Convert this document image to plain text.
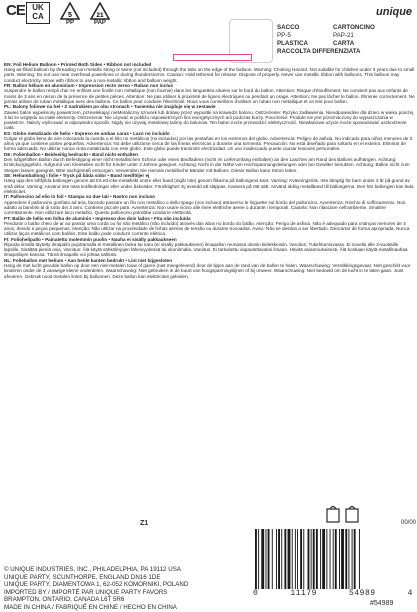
CE UK
CA	5
PP
21
PAP
unique
SACCO	CARTONCINO
PP-5	PAP-21
PLASTICA	CARTA
RACCOLTA DIFFERENZIATA

EN: Foil Helium Balloon • Printed Both Sides • Ribbon not included
Hang air-filled balloon by threading non-metallic string or twine (not included) through the tabs on the edge of the balloon. Warning: Choking Hazard. Not suitable for children under 3 years due to small parts. Warning: Do not use near overhead powerlines or during thunderstorms. Caution: Hold tethered for release. Dispose of properly. Never use metallic ribbon with balloons. This balloon may conduct electricity. Move with ribbon to use a non-metallic ribbon and balloon weight.

FR: Ballon hélium en aluminium • Impression recto verso • Ruban non inclus
Suspendre le ballon rempli d'air en enfilant une ficelle non métallique (non fournie) dans les languettes situées sur le bord du ballon. Attention: Risque d'étouffement. Ne convient pas aux enfants de moins de 3 ans en raison de la présence de petites pièces. Attention: Ne pas utiliser à proximité de lignes électriques ou pendant un orage. Attention: Ne pas lâcher le ballon. Éliminer correctement. Ne jamais utiliser de ruban métallique avec des ballons. Ce ballon peut conduire l'électricité. Nous vous conseillons d'utiliser un ruban non métallique et un lest pour ballon.

PL: Balony foliowe na hel • Z nadrukiem po obu stronach • Tasiemka nie znajduje się w zestawie
Zawieś balon wypełniony powietrzem, przewlekając nieMetaliczny sznurek lub dratwę przez wypustki na krawędzi balonu. Ostrzeżenie: Ryzyko zadławienia. Nieodpowiednie dla dzieci w wieku poniżej 3 lat ze względu na małe elementy. Ostrzeżenie: Nie używać w pobliżu napowietrznych linii energetycznych ani podczas burzy. Pouczenie: Produkt nie jest przeznaczony do wypuszczania w powietrze. Należy utylizować w odpowiedni sposób. Nigdy nie używaj metalowej taśmy do balonów. Ten balon może przewodzić elektryczność. Niewłaściwe użycie może spowodować uszkodzenie ciała.

ES: Globo metalizado de helio • Impreso en ambas caras • Lazo no incluido
Colgar el globo lleno de aire colocando la cuerda o el hilo no metálicos (no incluidos) por las pestañas en los extremos del globo. Advertencia: Peligro de asfixia. No indicado para niños menores de 3 años ya que contiene partes pequeñas. Advertencia: No debe utilizarse cerca de las líneas eléctricas o durante una tormenta. Precaución: No está diseñado para soltarlo en el exterior. Eliminar de forma adecuada. No utilizar nunca cinta metalizada con este globo. Este globo puede transmitir electricidad. Un uso inadecuado puede causar lesiones personales.

DE: Folienballon • Beidseitig bedruckt • Band nicht enthalten
Den luftgefüllten Ballon durch Befestigung einer nicht metallischen Schnur oder eines Bindfadens (nicht im Lieferumfang enthalten) an den Laschen am Rand des Ballons aufhängen. Achtung: Erstickungsgefahr. Aufgrund von Kleinteilen nicht für Kinder unter 3 Jahren geeignet. Achtung: Nicht in der Nähe von Hochspannungsleitungen oder bei Gewitter benutzen. Achtung: Ballon nicht zum Steigen lassen geeignet. Bitte sachgemäß entsorgen. Verwenden Sie niemals metallische Bänder mit Ballons. Dieser Ballon kann Strom leiten.

SE: Heliumballong i folie • Tryck på båda sidor • Band medföljer ej
Häng upp den luftfyllda ballongen genom att trä ett icke-metalliskt snöre eller band (ingår inte) genom flikarna på ballongens kant. Varning: Kvävningsrisk. Inte lämplig för barn under 3 år på grund av små delar. Varning: Använd inte nära kraftledningar eller under åskväder. Försiktighet: Ej avsedd att släppas. Kassera på rätt sätt. Använd aldrig metallband till ballongerna. Den här ballongen kan leda elektricitet.

IT: Palloncino ad elio in foil • Stampa su due lati • Nastro non incluso
Appendere il palloncino gonfiato ad aria, facendo passare un filo non metallico o dello spago (non incluso) attraverso le linguette sul bordo del palloncino. Avvertenza: Rischio di soffocamento. Non adatto ai bambini al di sotto dei 3 anni. Contiene piccole parti. Avvertenza: Non usare vicino alle linee elettriche aeree o durante i temporali. Cautela: Non rilasciare nell'ambiente. Smaltire correttamente. Non utilizzare lacci metallici. Questo palloncino potrebbe condurre elettricità.

PT: Balão de hélio em folha de alumínio • Impresso dos dois lados • Fita não incluída
Pendurar o balão cheio de ar ao passar uma corda ou fio não metálico (não incluído) através das abas no bordo do balão. Atenção: Perigo de asfixia. Não é adequado para crianças menores de 3 anos, devido a peças pequenas. Atenção: Não utilizar na proximidade de linhas aéreas de tensão ou durante trovoadas. Aviso: Não se destina a ser libertado. Descartar de forma apropriada. Nunca utilizar laços metálicos com balões. Este balão pode conduzir corrente elétrica.

FI: Foliohelipallo • Painatettu molemmin puolin • Nauha ei sisälly pakkaukseen
Ripusta ilmalla täytetty ilmapallo pujottamalla ei-metallinen lanka tai naru (ei sisälly pakkaukseen) ilmapallon reunassa oleviin kielekkeisiin. Varoitus: Tukehtumisvaara. Ei sovellu alle 3-vuotiaille lapsille. Sisältää pieniä osia. Varoitus: Älä käytä sähkölinjojen läheisyydessä tai ukonilmalla. Varoitus: Ei tarkoitettu vapautettavaksi ilmaan. Hävitä asianmukaisesti. Älä koskaan käytä metallinauhaa ilmapallojen kanssa. Tämä ilmapallo voi johtaa sähköä.

NL: Folieballon met helium • Aan beide kanten bedrukt • Lint niet bijgesloten
Hang de met lucht gevulde ballon op door een niet-metalen touw of garen (niet meegeleverd) door de lipjes aan de rand van de ballon te halen. Waarschuwing: Verstikkingsgevaar. Niet geschikt voor kinderen onder de 3 vanwege kleine onderdelen. Waarschuwing: Niet gebruiken in de buurt van hoogspanningslijnen of bij onweer. Waarschuwing: Niet bedoeld om de lucht in te laten gaan. Juist afvoeren. Gebruik nooit metalen linten bij ballonnen. Deze ballon kan elektriciteit geleiden.

Z1	00/00
© UNIQUE INDUSTRIES, INC., PHILADELPHIA, PA 19112 USA
UNIQUE PARTY, SCUNTHORPE, ENGLAND DN16 1DE
UNIQUE PARTY, DIAMENTOWA 1, 62-052 KOMORNIKI, POLAND
IMPORTED BY / IMPORTÉ PAR UNIQUE PARTY FAVORS
BRAMPTON, ONTARIO, CANADA L6T 5R6
MADE IN CHINA / FABRIQUÉ EN CHINE / HECHO EN CHINA
0	11179	54989	4
#54989
